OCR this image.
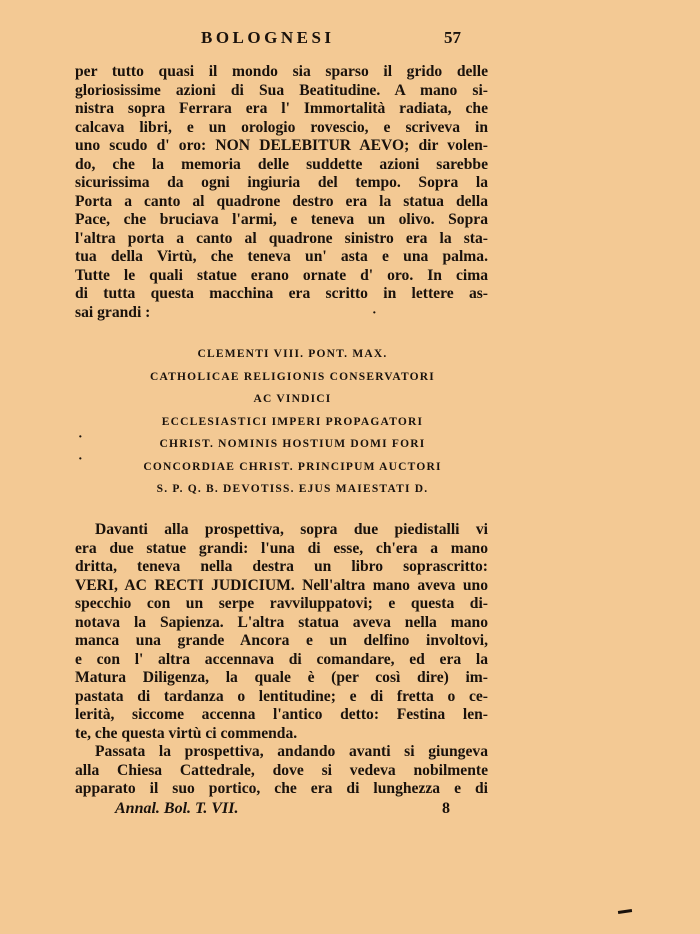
BOLOGNESI	57
per tutto quasi il mondo sia sparso il grido delle
gloriosissime azioni di Sua Beatitudine. A mano si-
nistra sopra Ferrara era l' Immortalità radiata, che
calcava libri, e un orologio rovescio, e scriveva in
uno scudo d' oro: NON DELEBITUR AEVO; dir volen-
do, che la memoria delle suddette azioni sarebbe
sicurissima da ogni ingiuria del tempo. Sopra la
Porta a canto al quadrone destro era la statua della
Pace, che bruciava l'armi, e teneva un olivo. Sopra
l'altra porta a canto al quadrone sinistro era la sta-
tua della Virtù, che teneva un' asta e una palma.
Tutte le quali statue erano ornate d' oro. In cima
di tutta questa macchina era scritto in lettere as-
sai grandi :
CLEMENTI VIII. PONT. MAX.
CATHOLICAE RELIGIONIS CONSERVATORI
AC VINDICI
ECCLESIASTICI IMPERI PROPAGATORI
CHRIST. NOMINIS HOSTIUM DOMI FORI
CONCORDIAE CHRIST. PRINCIPUM AUCTORI
S. P. Q. B. DEVOTISS. EJUS MAIESTATI D.
·
·
·
Davanti alla prospettiva, sopra due piedistalli vi
era due statue grandi: l'una di esse, ch'era a mano
dritta, teneva nella destra un libro soprascritto:
VERI, AC RECTI JUDICIUM. Nell'altra mano aveva uno
specchio con un serpe ravviluppatovi; e questa di-
notava la Sapienza. L'altra statua aveva nella mano
manca una grande Ancora e un delfino involtovi,
e con l' altra accennava di comandare, ed era la
Matura Diligenza, la quale è (per così dire) im-
pastata di tardanza o lentitudine; e di fretta o ce-
lerità, siccome accenna l'antico detto: Festina len-
te, che questa virtù ci commenda.
Passata la prospettiva, andando avanti si giungeva
alla Chiesa Cattedrale, dove si vedeva nobilmente
apparato il suo portico, che era di lunghezza e di
Annal. Bol. T. VII.	8
